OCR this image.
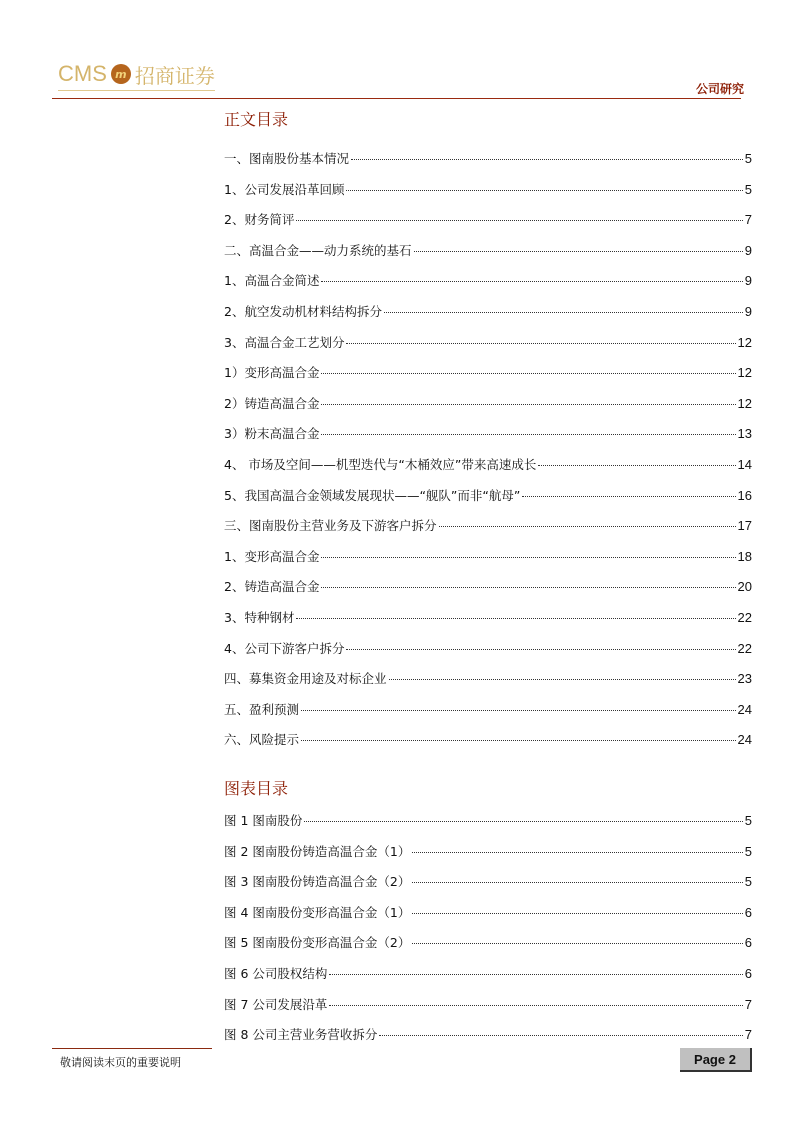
CMS m 招商证券
公司研究
正文目录
一、图南股份基本情况	5
1、公司发展沿革回顾	5
2、财务简评	7
二、高温合金——动力系统的基石	9
1、高温合金简述	9
2、航空发动机材料结构拆分	9
3、高温合金工艺划分	12
1）变形高温合金	12
2）铸造高温合金	12
3）粉末高温合金	13
4、 市场及空间——机型迭代与“木桶效应”带来高速成长	14
5、我国高温合金领域发展现状——“舰队”而非“航母”	16
三、图南股份主营业务及下游客户拆分	17
1、变形高温合金	18
2、铸造高温合金	20
3、特种钢材	22
4、公司下游客户拆分	22
四、募集资金用途及对标企业	23
五、盈利预测	24
六、风险提示	24
图表目录
图 1 图南股份	5
图 2 图南股份铸造高温合金（1）	5
图 3 图南股份铸造高温合金（2）	5
图 4 图南股份变形高温合金（1）	6
图 5 图南股份变形高温合金（2）	6
图 6 公司股权结构	6
图 7 公司发展沿革	7
图 8 公司主营业务营收拆分	7
敬请阅读末页的重要说明	Page 2
